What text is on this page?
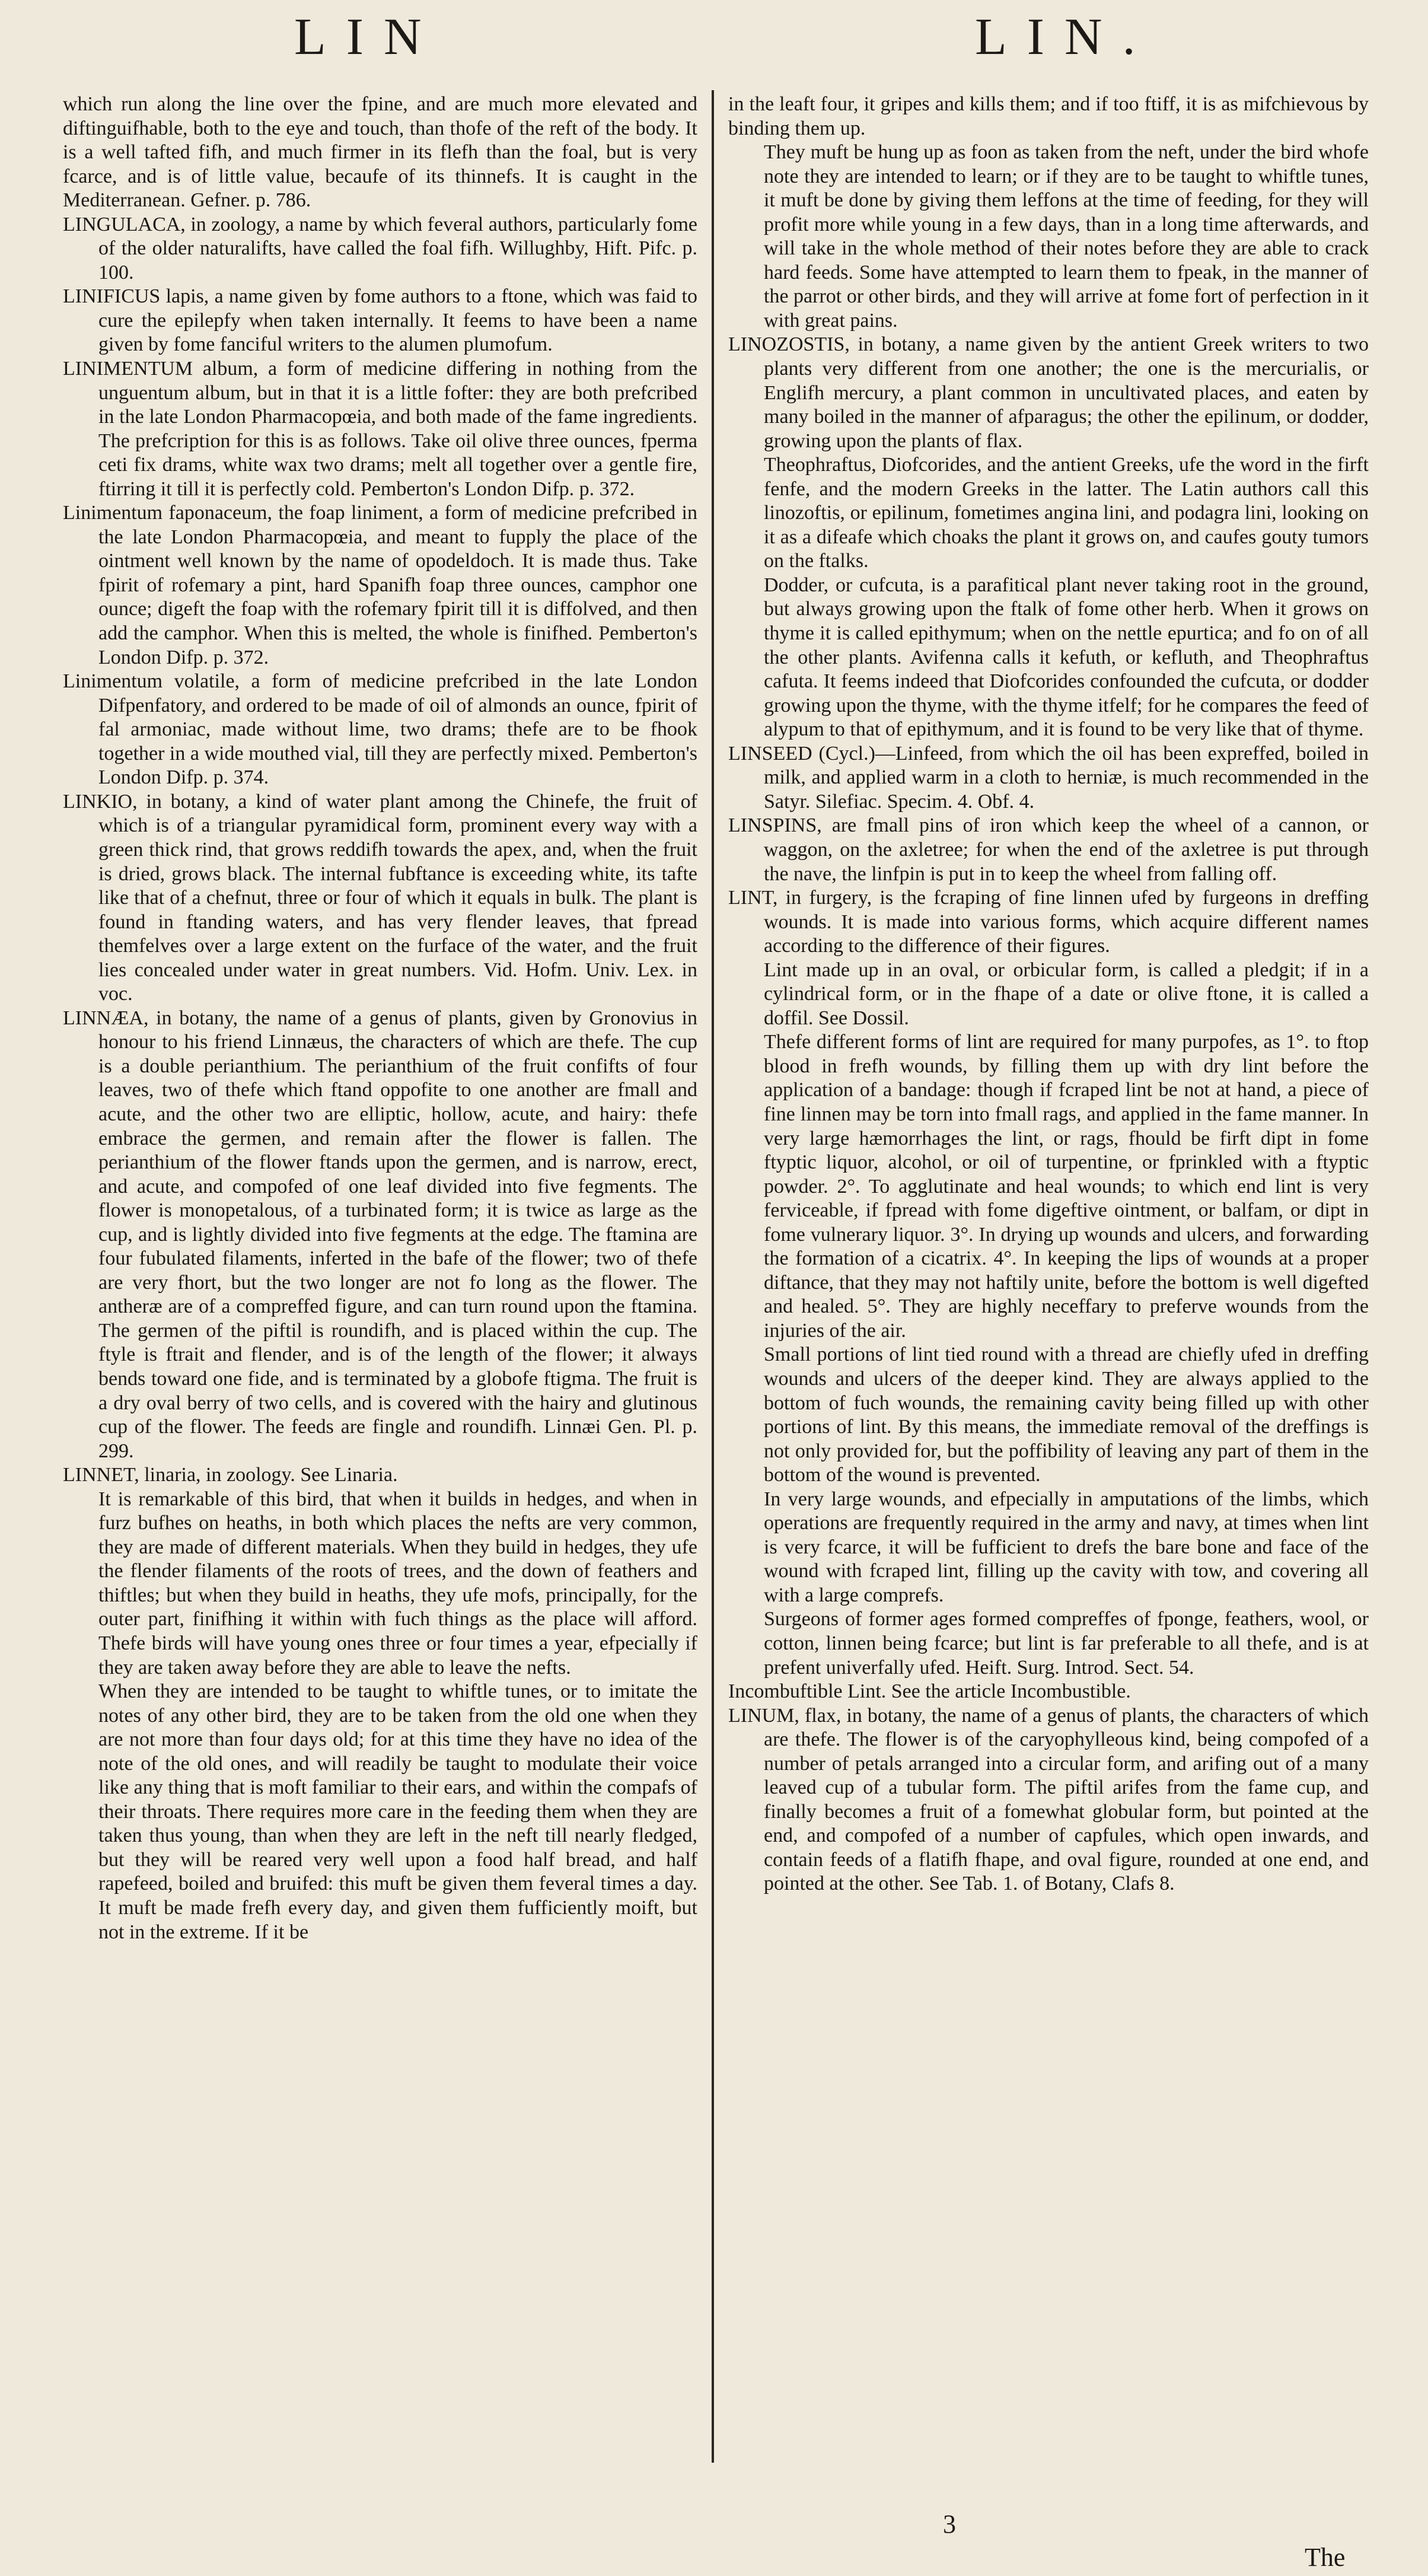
LIN	LIN.

which run along the line over the fpine, and are much more elevated and diftinguifhable, both to the eye and touch, than thofe of the reft of the body. It is a well tafted fifh, and much firmer in its flefh than the foal, but is very fcarce, and is of little value, becaufe of its thinnefs. It is caught in the Mediterranean. Gefner. p. 786.

LINGULACA, in zoology, a name by which feveral authors, particularly fome of the older naturalifts, have called the foal fifh. Willughby, Hift. Pifc. p. 100.

LINIFICUS lapis, a name given by fome authors to a ftone, which was faid to cure the epilepfy when taken internally. It feems to have been a name given by fome fanciful writers to the alumen plumofum.

LINIMENTUM album, a form of medicine differing in nothing from the unguentum album, but in that it is a little fofter: they are both prefcribed in the late London Pharmacopœia, and both made of the fame ingredients. The prefcription for this is as follows. Take oil olive three ounces, fperma ceti fix drams, white wax two drams; melt all together over a gentle fire, ftirring it till it is perfectly cold. Pemberton's London Difp. p. 372.

Linimentum faponaceum, the foap liniment, a form of medicine prefcribed in the late London Pharmacopœia, and meant to fupply the place of the ointment well known by the name of opodeldoch. It is made thus. Take fpirit of rofemary a pint, hard Spanifh foap three ounces, camphor one ounce; digeft the foap with the rofemary fpirit till it is diffolved, and then add the camphor. When this is melted, the whole is finifhed. Pemberton's London Difp. p. 372.

Linimentum volatile, a form of medicine prefcribed in the late London Difpenfatory, and ordered to be made of oil of almonds an ounce, fpirit of fal armoniac, made without lime, two drams; thefe are to be fhook together in a wide mouthed vial, till they are perfectly mixed. Pemberton's London Difp. p. 374.

LINKIO, in botany, a kind of water plant among the Chinefe, the fruit of which is of a triangular pyramidical form, prominent every way with a green thick rind, that grows reddifh towards the apex, and, when the fruit is dried, grows black. The internal fubftance is exceeding white, its tafte like that of a chefnut, three or four of which it equals in bulk. The plant is found in ftanding waters, and has very flender leaves, that fpread themfelves over a large extent on the furface of the water, and the fruit lies concealed under water in great numbers. Vid. Hofm. Univ. Lex. in voc.

LINNÆA, in botany, the name of a genus of plants, given by Gronovius in honour to his friend Linnæus, the characters of which are thefe. The cup is a double perianthium. The perianthium of the fruit confifts of four leaves, two of thefe which ftand oppofite to one another are fmall and acute, and the other two are elliptic, hollow, acute, and hairy: thefe embrace the germen, and remain after the flower is fallen. The perianthium of the flower ftands upon the germen, and is narrow, erect, and acute, and compofed of one leaf divided into five fegments. The flower is monopetalous, of a turbinated form; it is twice as large as the cup, and is lightly divided into five fegments at the edge. The ftamina are four fubulated filaments, inferted in the bafe of the flower; two of thefe are very fhort, but the two longer are not fo long as the flower. The antheræ are of a compreffed figure, and can turn round upon the ftamina. The germen of the piftil is roundifh, and is placed within the cup. The ftyle is ftrait and flender, and is of the length of the flower; it always bends toward one fide, and is terminated by a globofe ftigma. The fruit is a dry oval berry of two cells, and is covered with the hairy and glutinous cup of the flower. The feeds are fingle and roundifh. Linnæi Gen. Pl. p. 299.

LINNET, linaria, in zoology. See Linaria.

It is remarkable of this bird, that when it builds in hedges, and when in furz bufhes on heaths, in both which places the nefts are very common, they are made of different materials. When they build in hedges, they ufe the flender filaments of the roots of trees, and the down of feathers and thiftles; but when they build in heaths, they ufe mofs, principally, for the outer part, finifhing it within with fuch things as the place will afford. Thefe birds will have young ones three or four times a year, efpecially if they are taken away before they are able to leave the nefts.

When they are intended to be taught to whiftle tunes, or to imitate the notes of any other bird, they are to be taken from the old one when they are not more than four days old; for at this time they have no idea of the note of the old ones, and will readily be taught to modulate their voice like any thing that is moft familiar to their ears, and within the compafs of their throats. There requires more care in the feeding them when they are taken thus young, than when they are left in the neft till nearly fledged, but they will be reared very well upon a food half bread, and half rapefeed, boiled and bruifed: this muft be given them feveral times a day. It muft be made frefh every day, and given them fufficiently moift, but not in the extreme. If it be

in the leaft four, it gripes and kills them; and if too ftiff, it is as mifchievous by binding them up.

They muft be hung up as foon as taken from the neft, under the bird whofe note they are intended to learn; or if they are to be taught to whiftle tunes, it muft be done by giving them leffons at the time of feeding, for they will profit more while young in a few days, than in a long time afterwards, and will take in the whole method of their notes before they are able to crack hard feeds. Some have attempted to learn them to fpeak, in the manner of the parrot or other birds, and they will arrive at fome fort of perfection in it with great pains.

LINOZOSTIS, in botany, a name given by the antient Greek writers to two plants very different from one another; the one is the mercurialis, or Englifh mercury, a plant common in uncultivated places, and eaten by many boiled in the manner of afparagus; the other the epilinum, or dodder, growing upon the plants of flax.

Theophraftus, Diofcorides, and the antient Greeks, ufe the word in the firft fenfe, and the modern Greeks in the latter. The Latin authors call this linozoftis, or epilinum, fometimes angina lini, and podagra lini, looking on it as a difeafe which choaks the plant it grows on, and caufes gouty tumors on the ftalks.

Dodder, or cufcuta, is a parafitical plant never taking root in the ground, but always growing upon the ftalk of fome other herb. When it grows on thyme it is called epithymum; when on the nettle epurtica; and fo on of all the other plants. Avifenna calls it kefuth, or kefluth, and Theophraftus cafuta. It feems indeed that Diofcorides confounded the cufcuta, or dodder growing upon the thyme, with the thyme itfelf; for he compares the feed of alypum to that of epithymum, and it is found to be very like that of thyme.

LINSEED (Cycl.)—Linfeed, from which the oil has been expreffed, boiled in milk, and applied warm in a cloth to herniæ, is much recommended in the Satyr. Silefiac. Specim. 4. Obf. 4.

LINSPINS, are fmall pins of iron which keep the wheel of a cannon, or waggon, on the axletree; for when the end of the axletree is put through the nave, the linfpin is put in to keep the wheel from falling off.

LINT, in furgery, is the fcraping of fine linnen ufed by furgeons in dreffing wounds. It is made into various forms, which acquire different names according to the difference of their figures.

Lint made up in an oval, or orbicular form, is called a pledgit; if in a cylindrical form, or in the fhape of a date or olive ftone, it is called a doffil. See Dossil.

Thefe different forms of lint are required for many purpofes, as 1°. to ftop blood in frefh wounds, by filling them up with dry lint before the application of a bandage: though if fcraped lint be not at hand, a piece of fine linnen may be torn into fmall rags, and applied in the fame manner. In very large hæmorrhages the lint, or rags, fhould be firft dipt in fome ftyptic liquor, alcohol, or oil of turpentine, or fprinkled with a ftyptic powder. 2°. To agglutinate and heal wounds; to which end lint is very ferviceable, if fpread with fome digeftive ointment, or balfam, or dipt in fome vulnerary liquor. 3°. In drying up wounds and ulcers, and forwarding the formation of a cicatrix. 4°. In keeping the lips of wounds at a proper diftance, that they may not haftily unite, before the bottom is well digefted and healed. 5°. They are highly neceffary to preferve wounds from the injuries of the air.

Small portions of lint tied round with a thread are chiefly ufed in dreffing wounds and ulcers of the deeper kind. They are always applied to the bottom of fuch wounds, the remaining cavity being filled up with other portions of lint. By this means, the immediate removal of the dreffings is not only provided for, but the poffibility of leaving any part of them in the bottom of the wound is prevented.

In very large wounds, and efpecially in amputations of the limbs, which operations are frequently required in the army and navy, at times when lint is very fcarce, it will be fufficient to drefs the bare bone and face of the wound with fcraped lint, filling up the cavity with tow, and covering all with a large comprefs.

Surgeons of former ages formed compreffes of fponge, feathers, wool, or cotton, linnen being fcarce; but lint is far preferable to all thefe, and is at prefent univerfally ufed. Heift. Surg. Introd. Sect. 54.

Incombuftible Lint. See the article Incombustible.

LINUM, flax, in botany, the name of a genus of plants, the characters of which are thefe. The flower is of the caryophylleous kind, being compofed of a number of petals arranged into a circular form, and arifing out of a many leaved cup of a tubular form. The piftil arifes from the fame cup, and finally becomes a fruit of a fomewhat globular form, but pointed at the end, and compofed of a number of capfules, which open inwards, and contain feeds of a flatifh fhape, and oval figure, rounded at one end, and pointed at the other. See Tab. 1. of Botany, Clafs 8.

3
The
